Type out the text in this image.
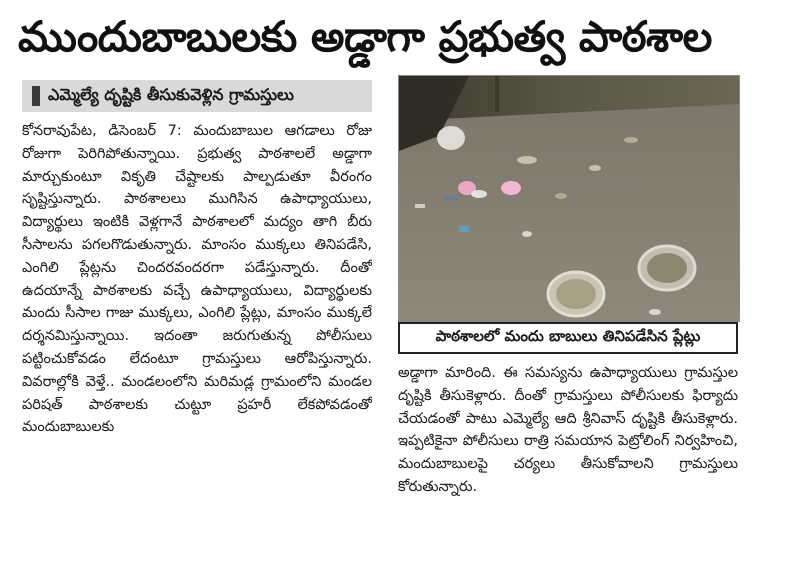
ముందుబాబులకు అడ్డాగా ప్రభుత్వ పాఠశాల
ఎమ్మెల్యే దృష్టికి తీసుకువెళ్లిన గ్రామస్తులు

కోనరావుపేట, డిసెంబర్ 7: మందుబాబుల ఆగడాలు రోజు రోజుగా పెరిగిపోతున్నాయి. ప్రభుత్వ పాఠశాలలే అడ్డాగా మార్చుకుంటూ వికృతి చేష్టాలకు పాల్పడుతూ వీరంగం సృష్టిస్తున్నారు. పాఠశాలలు ముగిసిన ఉపాధ్యాయులు, విద్యార్థులు ఇంటికి వెళ్లగానే పాఠశాలలో మద్యం తాగి బీరు సీసాలను పగలగొడుతున్నారు. మాంసం ముక్కలు తినిపడేసి, ఎంగిలి ప్లేట్లను చిందరవందరగా పడేస్తున్నారు. దీంతో ఉదయాన్నే పాఠశాలకు వచ్చే ఉపాధ్యాయులు, విద్యార్థులకు మందు సీసాల గాజు ముక్కలు, ఎంగిలి ప్లేట్లు, మాంసం ముక్కలే దర్శనమిస్తున్నాయి. ఇదంతా జరుగుతున్న పోలీసులు పట్టించుకోవడం లేదంటూ గ్రామస్తులు ఆరోపిస్తున్నారు. వివరాల్లోకి వెళ్తే.. మండలంలోని మరిమడ్ల గ్రామంలోని మండల పరిషత్ పాఠశాలకు చుట్టూ ప్రహరీ లేకపోవడంతో మందుబాబులకు

పాఠశాలలో మందు బాబులు తినిపడేసిన ప్లేట్లు

అడ్డాగా మారింది. ఈ సమస్యను ఉపాధ్యాయులు గ్రామస్తుల దృష్టికి తీసుకెళ్లారు. దీంతో గ్రామస్తులు పోలీసులకు ఫిర్యాదు చేయడంతో పాటు ఎమ్మెల్యే ఆది శ్రీనివాస్ దృష్టికి తీసుకెళ్లారు. ఇప్పటికైనా పోలీసులు రాత్రి సమయాన పెట్రోలింగ్ నిర్వహించి, మందుబాబులపై చర్యలు తీసుకోవాలని గ్రామస్తులు కోరుతున్నారు.
